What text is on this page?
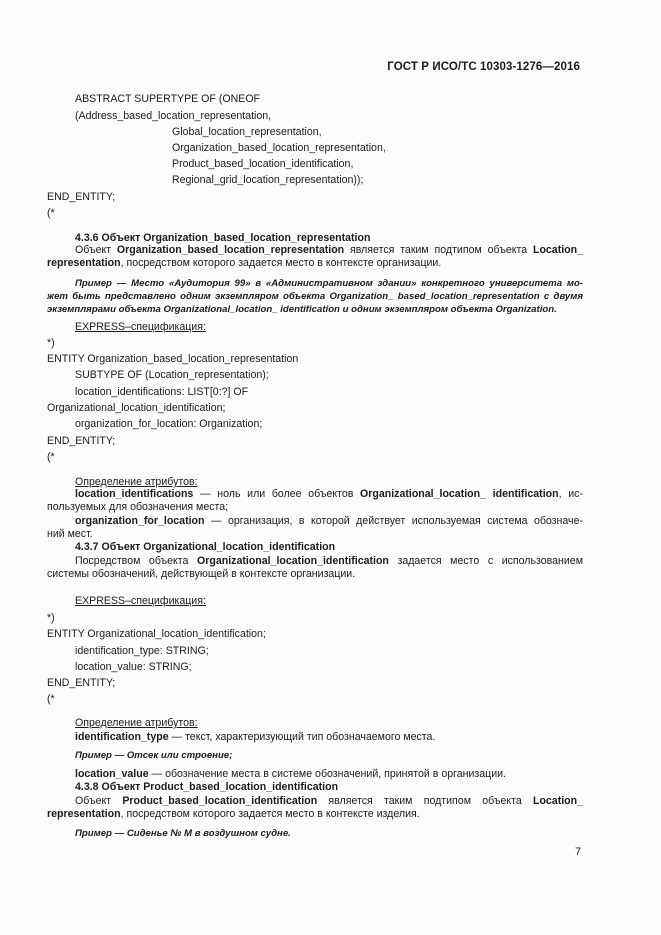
ГОСТ Р ИСО/ТС 10303-1276—2016
ABSTRACT SUPERTYPE OF (ONEOF
(Address_based_location_representation,
Global_location_representation,
Organization_based_location_representation,
Product_based_location_identification,
Regional_grid_location_representation));
END_ENTITY;
(*
4.3.6 Объект Organization_based_location_representation
Объект Organization_based_location_representation является таким подтипом объекта Location_
representation, посредством которого задается место в контексте организации.
Пример — Место «Аудитория 99» в «Административном здании» конкретного университета мо-
жет быть представлено одним экземпляром объекта Organization_ based_location_representation с двумя
экземплярами объекта Organizational_location_ identification и одним экземпляром объекта Organization.
EXPRESS–спецификация:
*)
ENTITY Organization_based_location_representation
SUBTYPE OF (Location_representation);
location_identifications: LIST[0:?] OF
Organizational_location_identification;
organization_for_location: Organization;
END_ENTITY;
(*
Определение атрибутов:
location_identifications — ноль или более объектов Organizational_location_ identification, ис-
пользуемых для обозначения места;
organization_for_location — организация, в которой действует используемая система обозначе-
ний мест.
4.3.7 Объект Organizational_location_identification
Посредством объекта Organizational_location_identification задается место с использованием
системы обозначений, действующей в контексте организации.
EXPRESS–спецификация:
*)
ENTITY Organizational_location_identification;
identification_type: STRING;
location_value: STRING;
END_ENTITY;
(*
Определение атрибутов:
identification_type — текст, характеризующий тип обозначаемого места.
Пример — Отсек или строение;
location_value — обозначение места в системе обозначений, принятой в организации.
4.3.8 Объект Product_based_location_identification
Объект Product_based_location_identification является таким подтипом объекта Location_
representation, посредством которого задается место в контексте изделия.
Пример — Сиденье № М в воздушном судне.
7
